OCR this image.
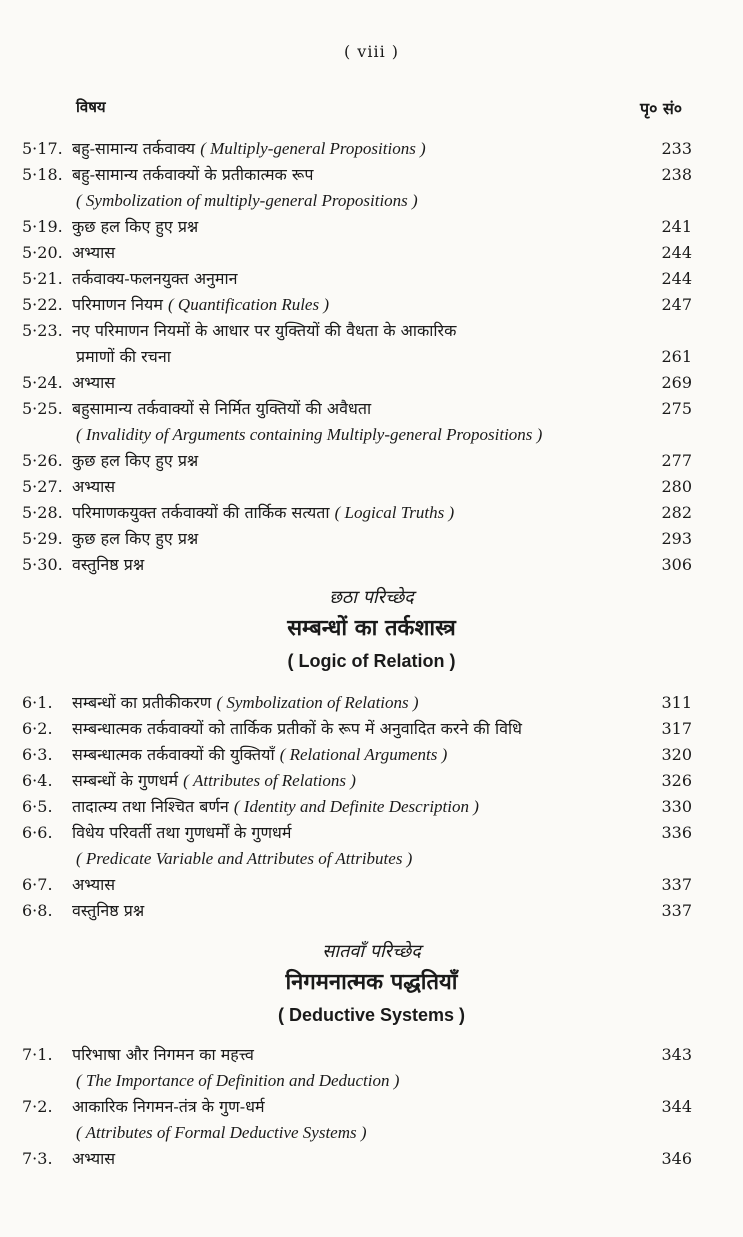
( viii )
विषय	पृ० सं०
5·17. बहु-सामान्य तर्कवाक्य ( Multiply-general Propositions )	233
5·18. बहु-सामान्य तर्कवाक्यों के प्रतीकात्मक रूप	238
( Symbolization of multiply-general Propositions )
5·19. कुछ हल किए हुए प्रश्न	241
5·20. अभ्यास	244
5·21. तर्कवाक्य-फलनयुक्त अनुमान	244
5·22. परिमाणन नियम ( Quantification Rules )	247
5·23. नए परिमाणन नियमों के आधार पर युक्तियों की वैधता के आकारिक
प्रमाणों की रचना	261
5·24. अभ्यास	269
5·25. बहुसामान्य तर्कवाक्यों से निर्मित युक्तियों की अवैधता	275
( Invalidity of Arguments containing Multiply-general Propositions )
5·26. कुछ हल किए हुए प्रश्न	277
5·27. अभ्यास	280
5·28. परिमाणकयुक्त तर्कवाक्यों की तार्किक सत्यता ( Logical Truths )	282
5·29. कुछ हल किए हुए प्रश्न	293
5·30. वस्तुनिष्ठ प्रश्न	306
छठा परिच्छेद
सम्बन्धों का तर्कशास्त्र
( Logic of Relation )
6·1.	सम्बन्धों का प्रतीकीकरण ( Symbolization of Relations )	311
6·2.	सम्बन्धात्मक तर्कवाक्यों को तार्किक प्रतीकों के रूप में अनुवादित करने की विधि	317
6·3.	सम्बन्धात्मक तर्कवाक्यों की युक्तियाँ ( Relational Arguments )	320
6·4.	सम्बन्धों के गुणधर्म ( Attributes of Relations )	326
6·5.	तादात्म्य तथा निश्चित बर्णन ( Identity and Definite Description )	330
6·6.	विधेय परिवर्ती तथा गुणधर्मों के गुणधर्म	336
( Predicate Variable and Attributes of Attributes )
6·7.	अभ्यास	337
6·8.	वस्तुनिष्ठ प्रश्न	337
सातवाँ परिच्छेद
निगमनात्मक पद्धतियाँ
( Deductive Systems )
7·1.	परिभाषा और निगमन का महत्त्व	343
( The Importance of Definition and Deduction )
7·2.	आकारिक निगमन-तंत्र के गुण-धर्म	344
( Attributes of Formal Deductive Systems )
7·3.	अभ्यास	346
